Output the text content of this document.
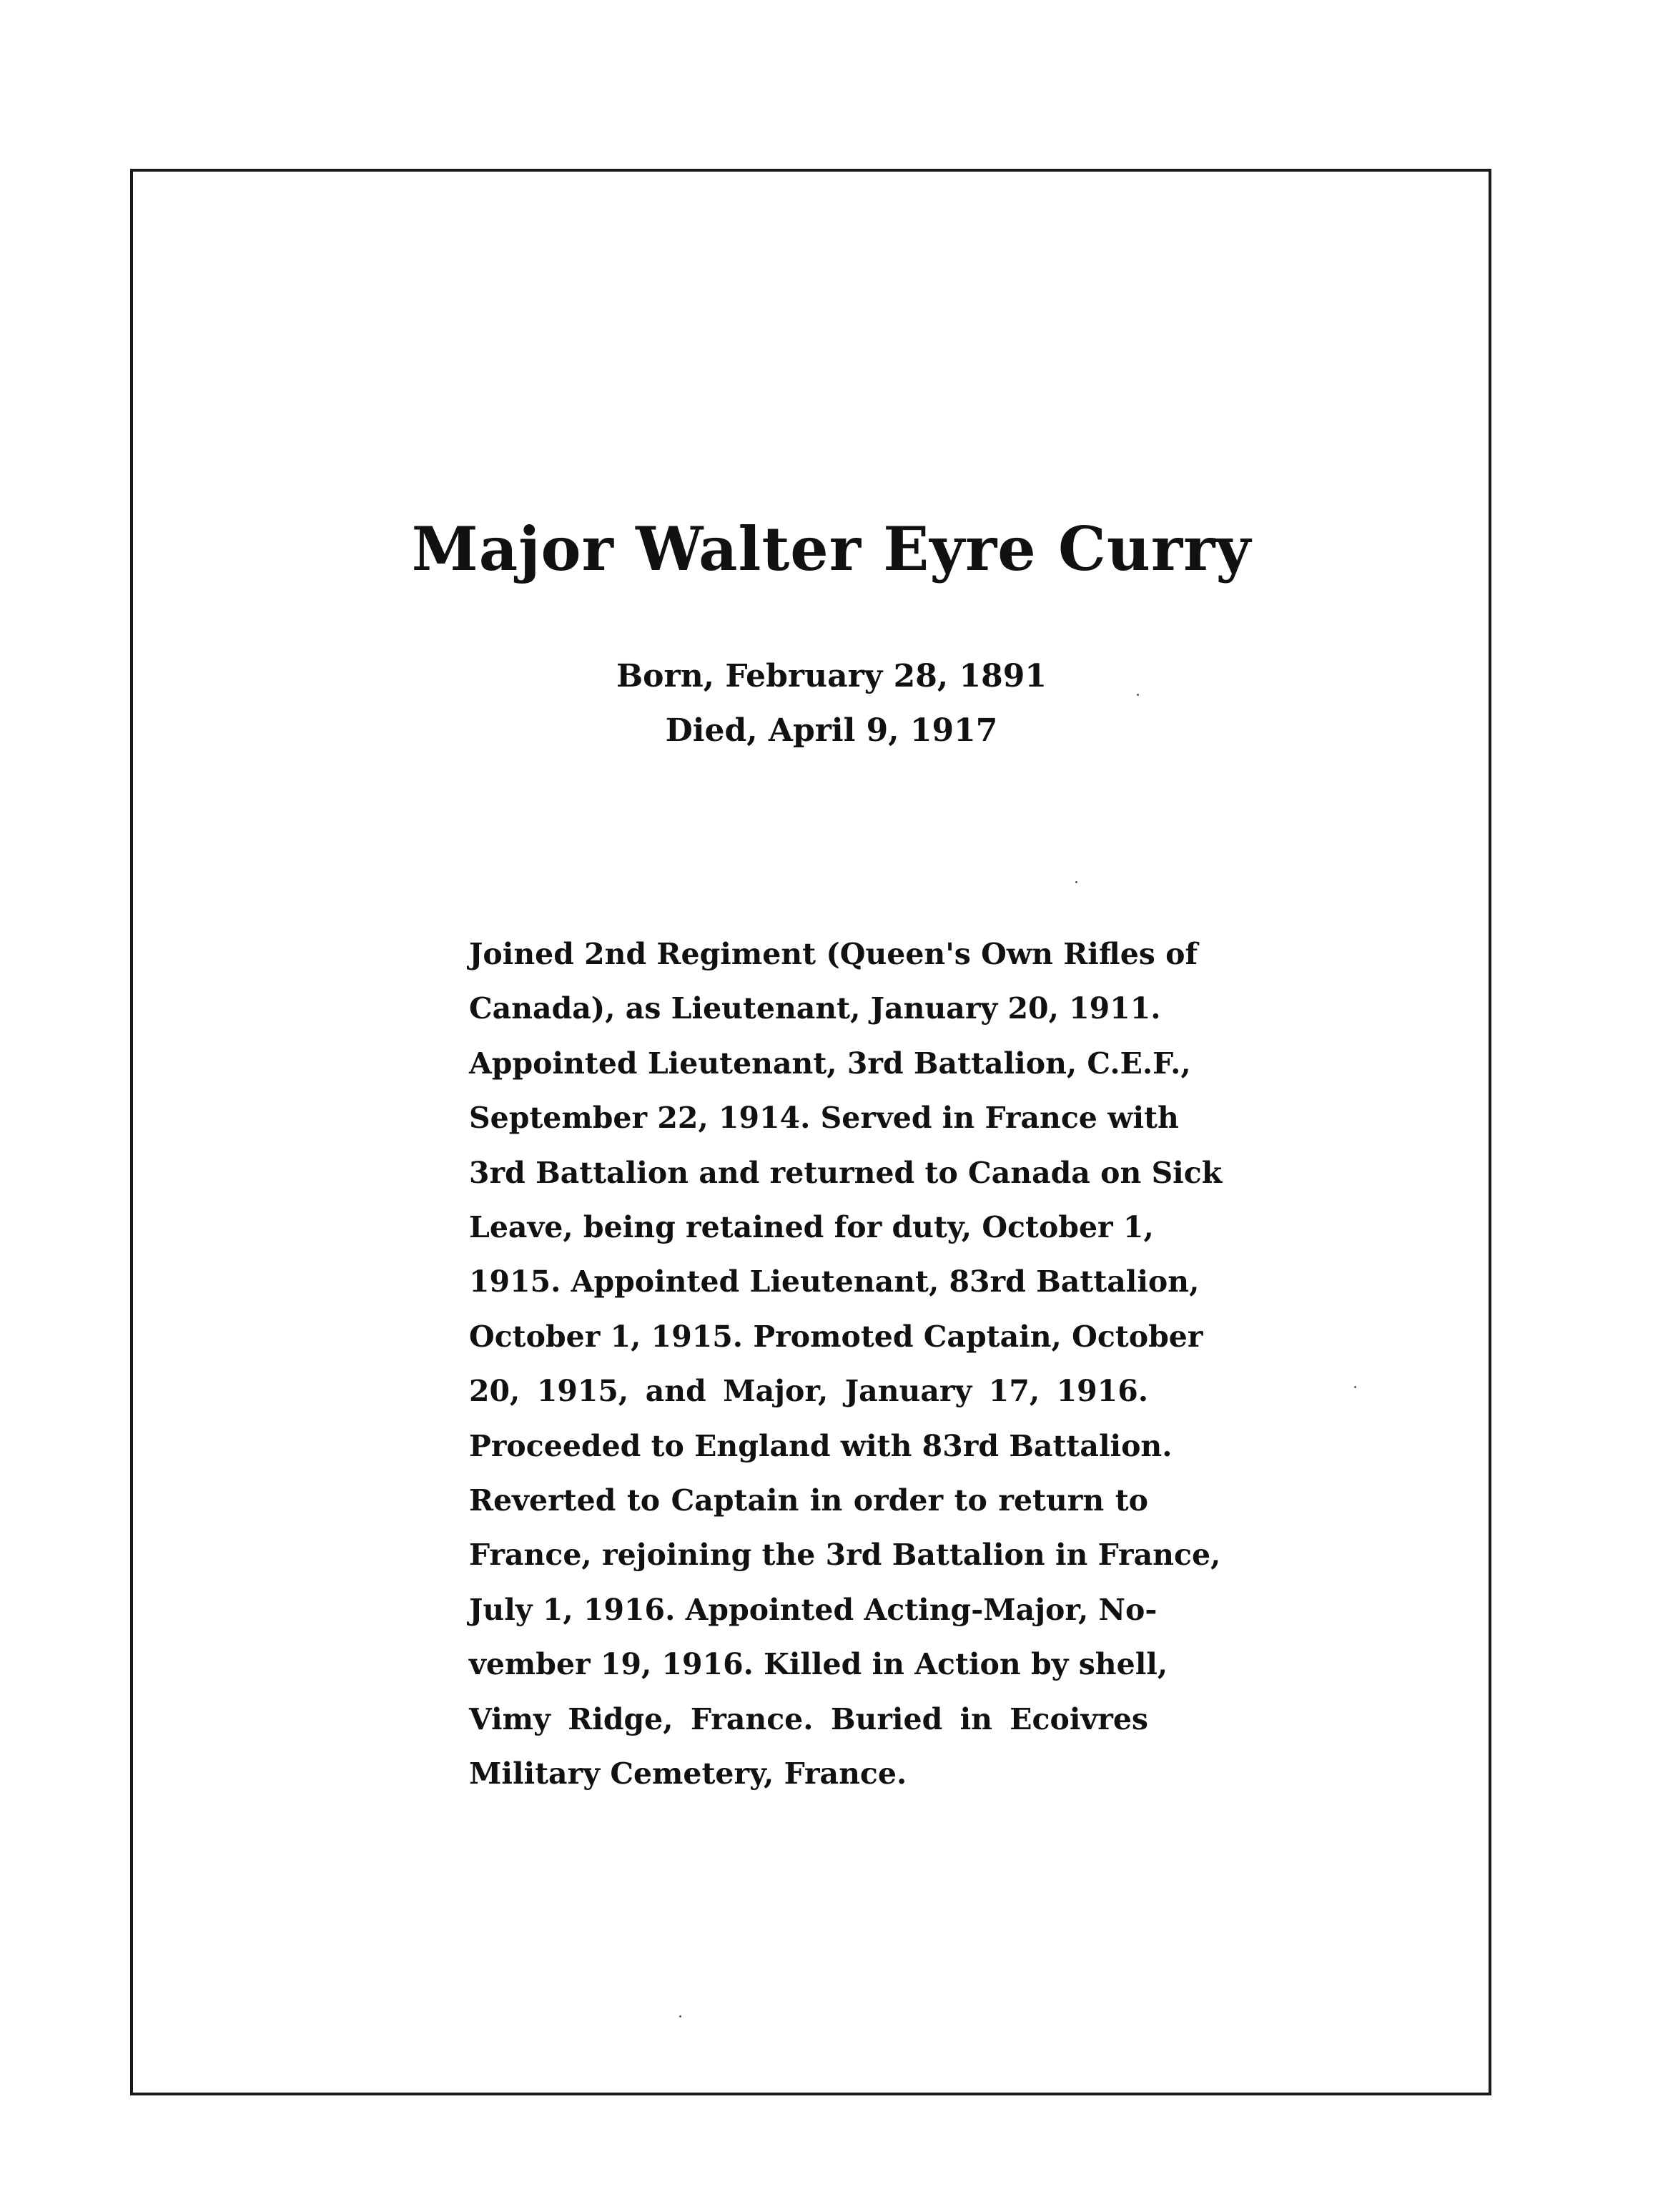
Major Walter Eyre Curry
Born, February 28, 1891
Died, April 9, 1917

Joined 2nd Regiment (Queen's Own Rifles of
Canada), as Lieutenant, January 20, 1911.
Appointed Lieutenant, 3rd Battalion, C.E.F.,
September 22, 1914. Served in France with
3rd Battalion and returned to Canada on Sick
Leave, being retained for duty, October 1,
1915. Appointed Lieutenant, 83rd Battalion,
October 1, 1915. Promoted Captain, October
20, 1915, and Major, January 17, 1916.
Proceeded to England with 83rd Battalion.
Reverted to Captain in order to return to
France, rejoining the 3rd Battalion in France,
July 1, 1916. Appointed Acting-Major, No-
vember 19, 1916. Killed in Action by shell,
Vimy Ridge, France. Buried in Ecoivres
Military Cemetery, France.
